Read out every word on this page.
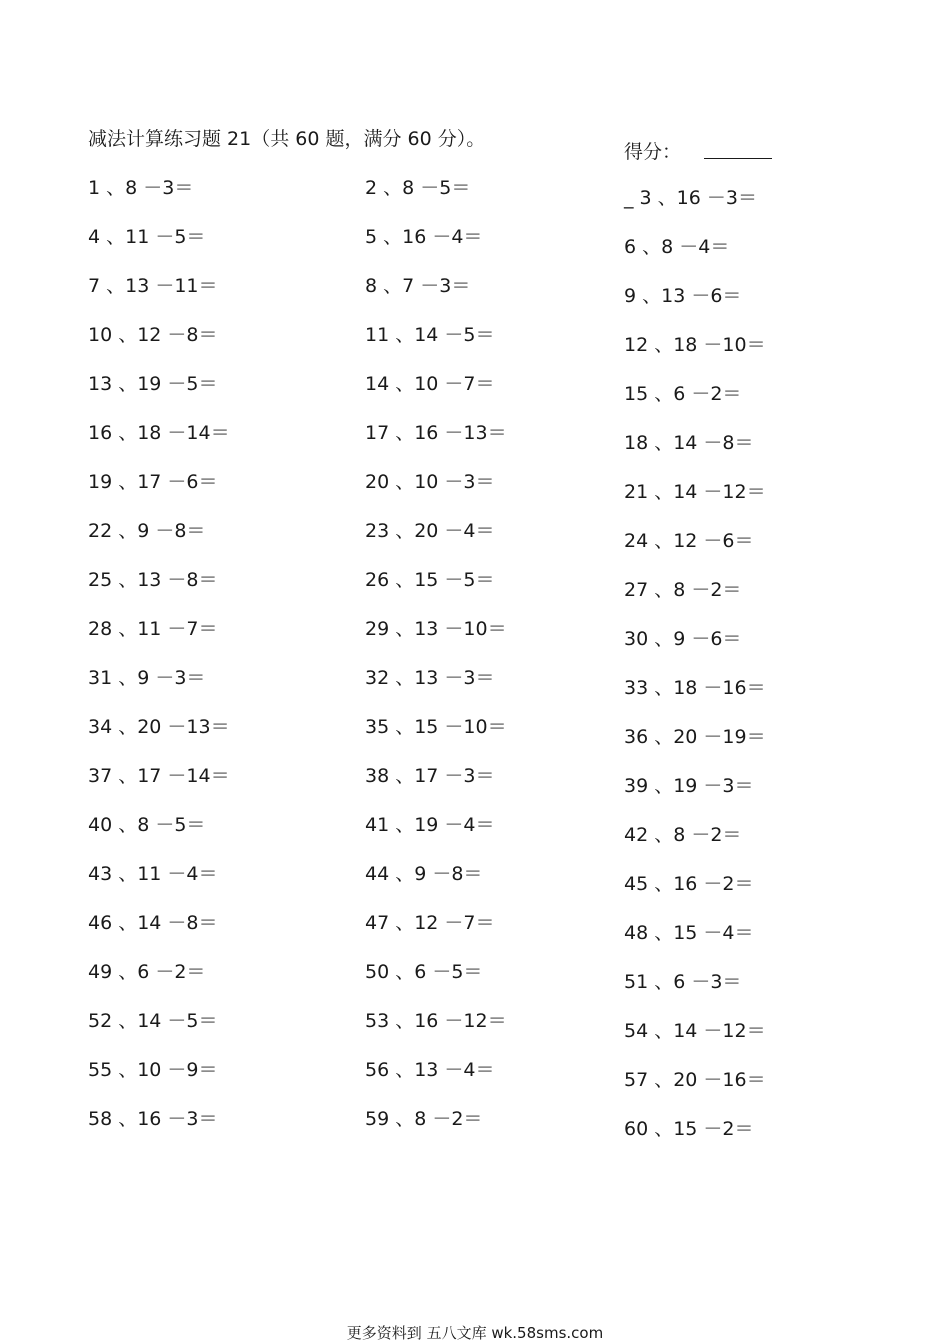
减法计算练习题 21（共 60 题，满分 60 分）。
得分：
1 、8 －3＝
4 、11 －5＝
7 、13 －11＝
10 、12 －8＝
13 、19 －5＝
16 、18 －14＝
19 、17 －6＝
22 、9 －8＝
25 、13 －8＝
28 、11 －7＝
31 、9 －3＝
34 、20 －13＝
37 、17 －14＝
40 、8 －5＝
43 、11 －4＝
46 、14 －8＝
49 、6 －2＝
52 、14 －5＝
55 、10 －9＝
58 、16 －3＝
2 、8 －5＝
5 、16 －4＝
8 、7 －3＝
11 、14 －5＝
14 、10 －7＝
17 、16 －13＝
20 、10 －3＝
23 、20 －4＝
26 、15 －5＝
29 、13 －10＝
32 、13 －3＝
35 、15 －10＝
38 、17 －3＝
41 、19 －4＝
44 、9 －8＝
47 、12 －7＝
50 、6 －5＝
53 、16 －12＝
56 、13 －4＝
59 、8 －2＝
_ 3 、16 －3＝
6 、8 －4＝
9 、13 －6＝
12 、18 －10＝
15 、6 －2＝
18 、14 －8＝
21 、14 －12＝
24 、12 －6＝
27 、8 －2＝
30 、9 －6＝
33 、18 －16＝
36 、20 －19＝
39 、19 －3＝
42 、8 －2＝
45 、16 －2＝
48 、15 －4＝
51 、6 －3＝
54 、14 －12＝
57 、20 －16＝
60 、15 －2＝
更多资料到 五八文库 wk.58sms.com
